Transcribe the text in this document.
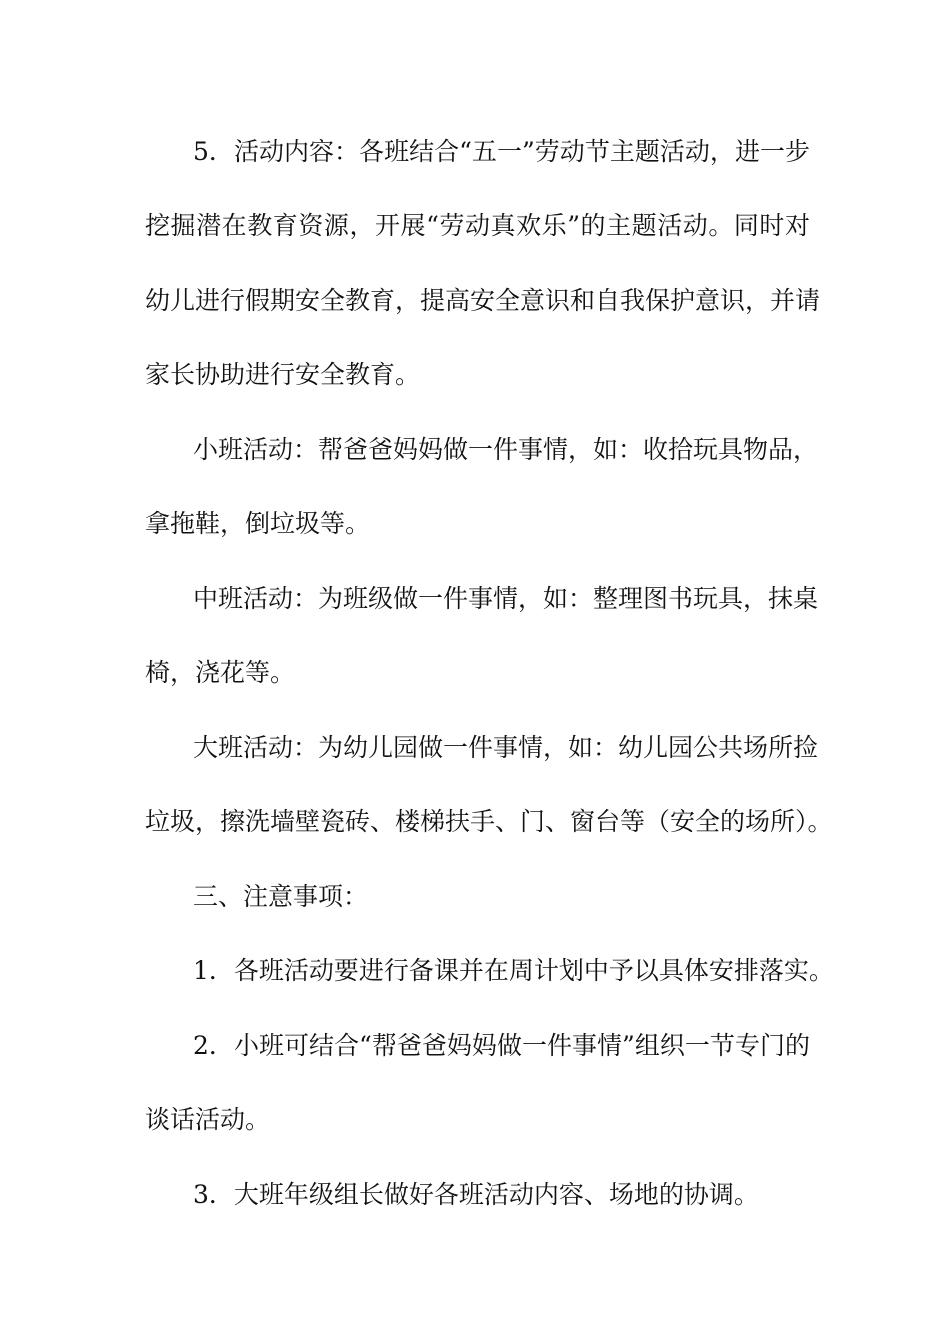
5．活动内容：各班结合“五一”劳动节主题活动，进一步
挖掘潜在教育资源，开展“劳动真欢乐”的主题活动。同时对
幼儿进行假期安全教育，提高安全意识和自我保护意识，并请
家长协助进行安全教育。
小班活动：帮爸爸妈妈做一件事情，如：收拾玩具物品，
拿拖鞋，倒垃圾等。
中班活动：为班级做一件事情，如：整理图书玩具，抹桌
椅，浇花等。
大班活动：为幼儿园做一件事情，如：幼儿园公共场所捡
垃圾，擦洗墙壁瓷砖、楼梯扶手、门、窗台等（安全的场所）。
三、注意事项：
1．各班活动要进行备课并在周计划中予以具体安排落实。
2．小班可结合“帮爸爸妈妈做一件事情”组织一节专门的
谈话活动。
3．大班年级组长做好各班活动内容、场地的协调。
